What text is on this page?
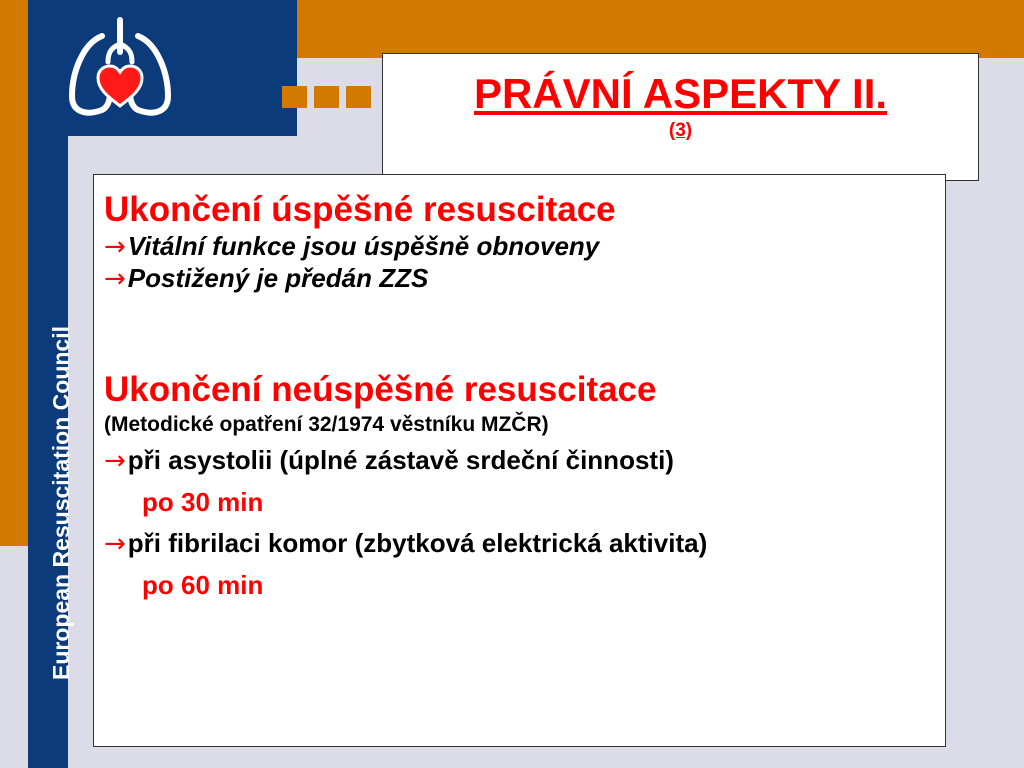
European Resuscitation Council
PRÁVNÍ ASPEKTY II.
(3)
Ukončení úspěšné resuscitace
→ Vitální funkce jsou úspěšně obnoveny
→ Postižený je předán ZZS
Ukončení neúspěšné resuscitace
(Metodické opatření 32/1974 věstníku MZČR)
→ při asystolii (úplné zástavě srdeční činnosti)
po 30 min
→ při fibrilaci komor (zbytková elektrická aktivita)
po 60 min
